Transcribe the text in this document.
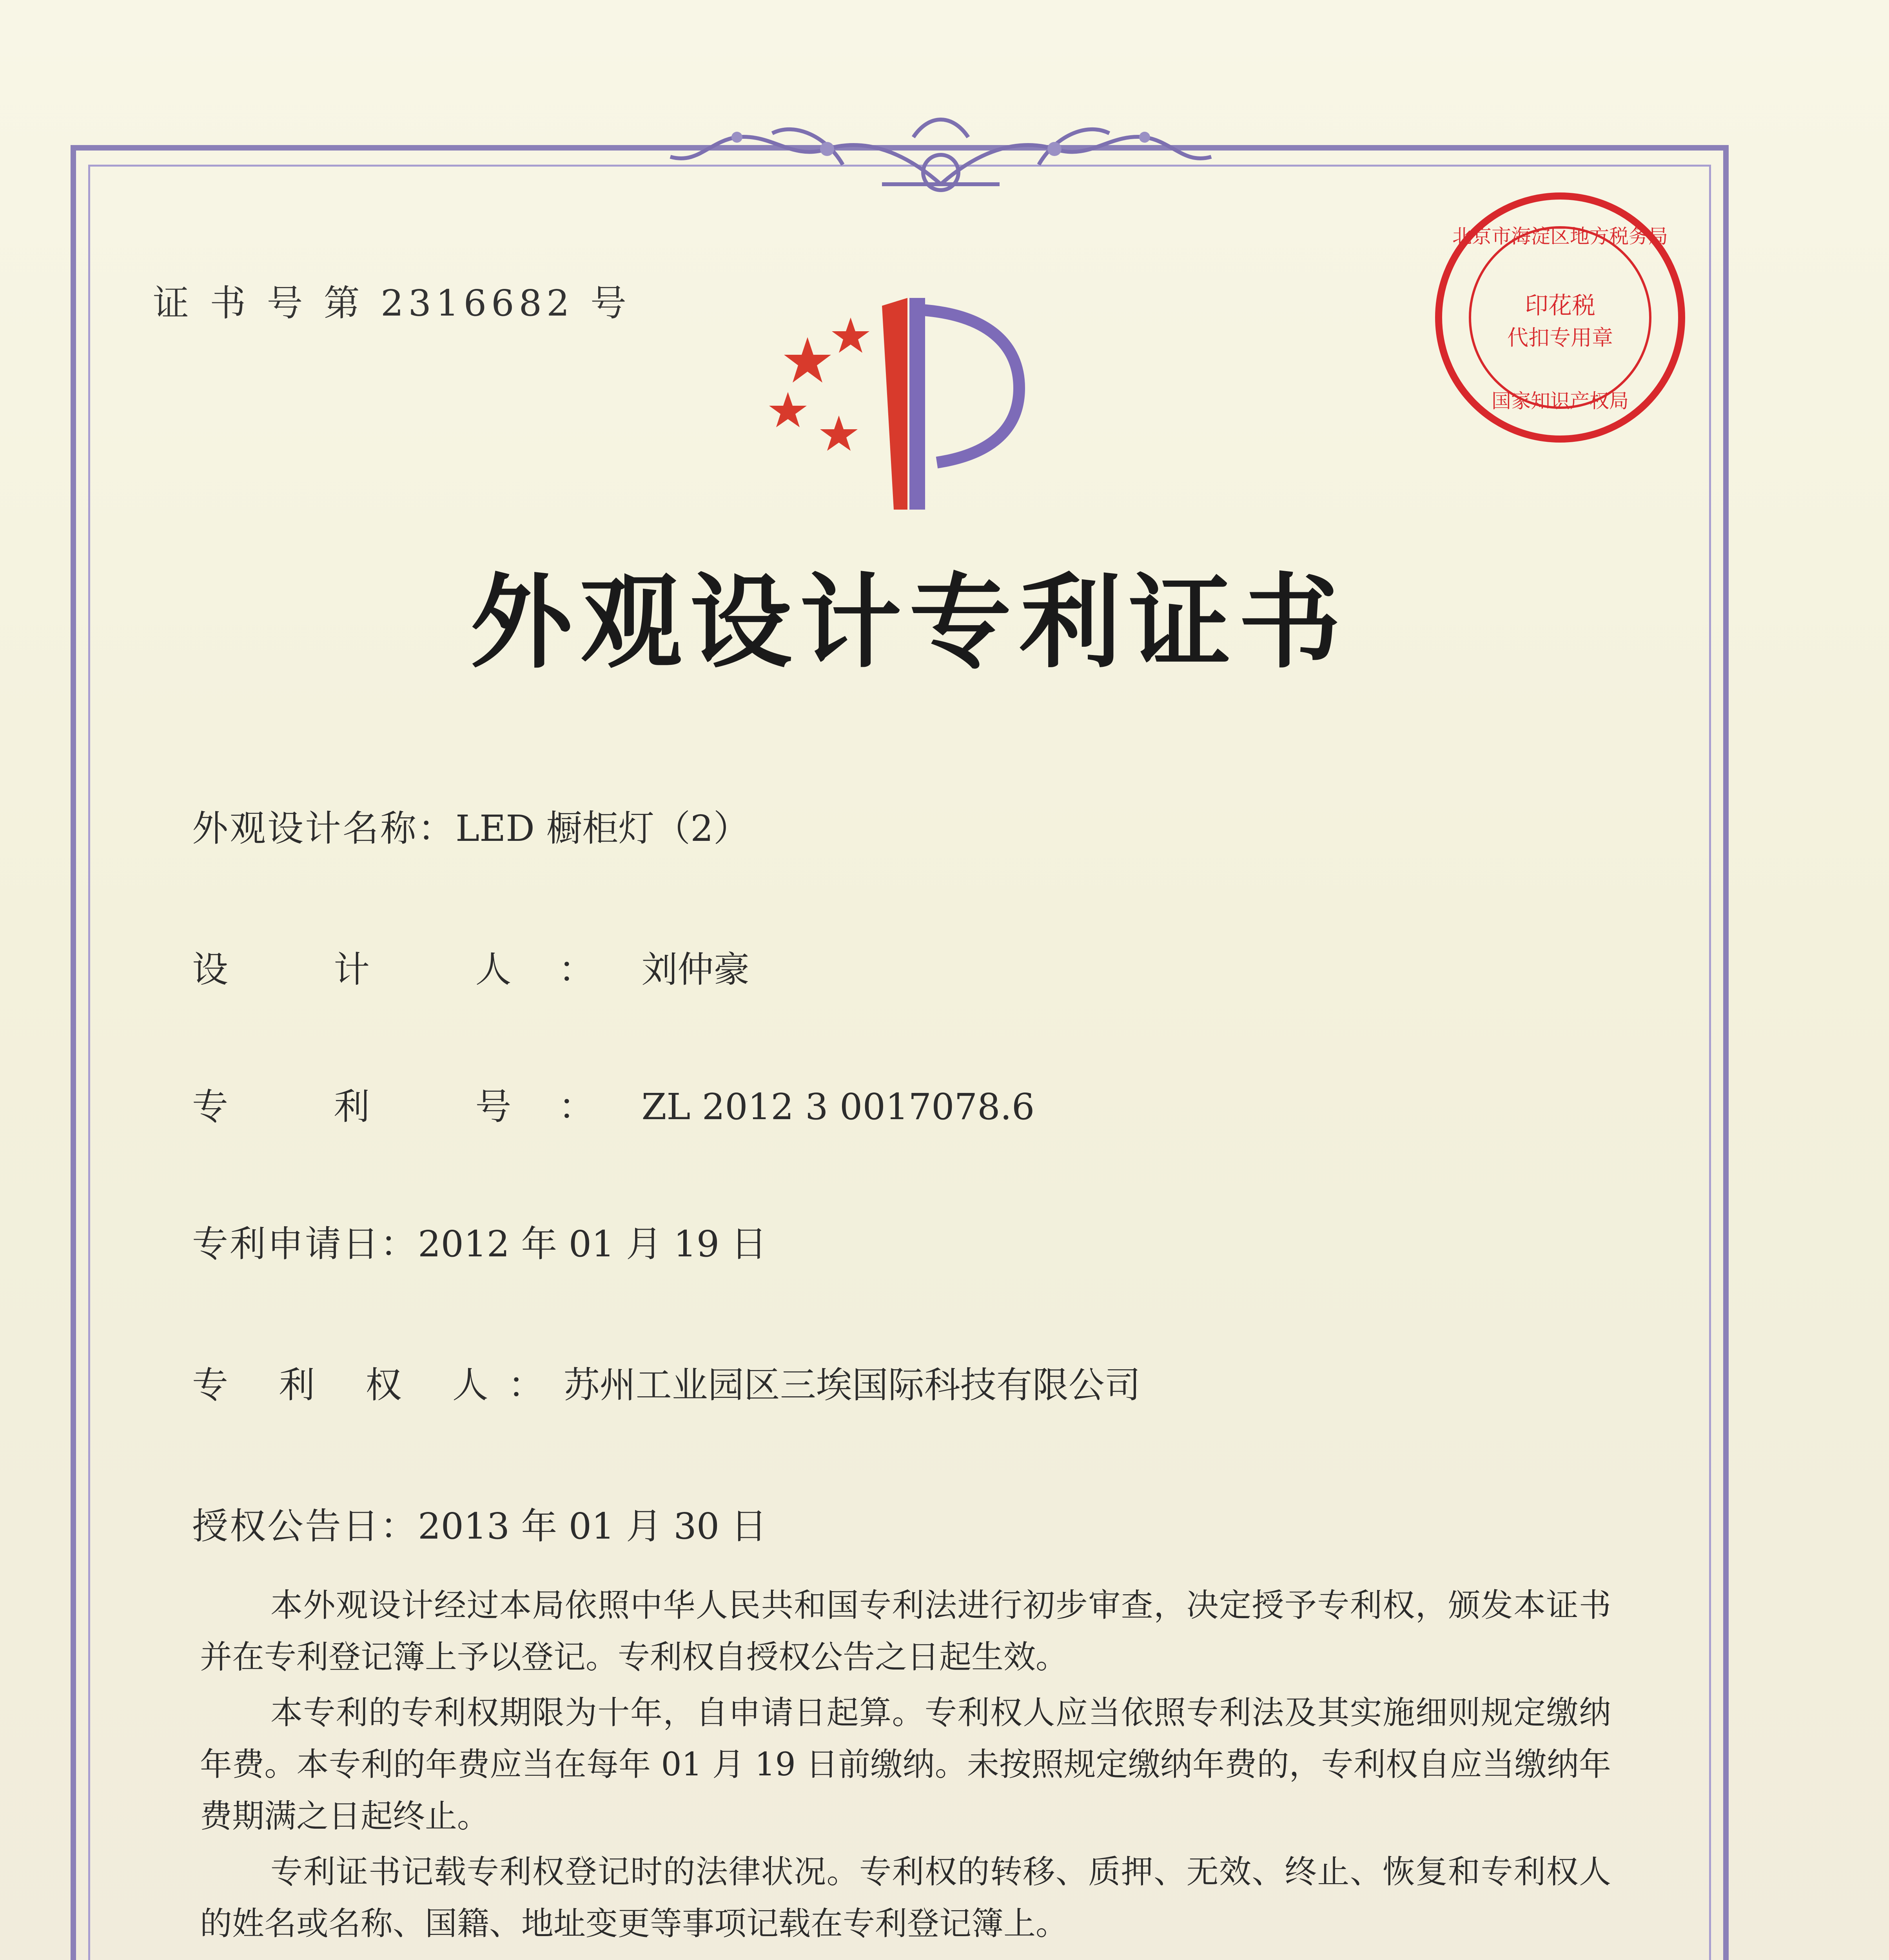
证 书 号 第 2316682 号	印花税
代扣专用章
北京市海淀区地方税务局
国家知识产权局
外观设计专利证书
外观设计名称：LED 橱柜灯（2）
设 计 人：刘仲豪
专 利 号：ZL 2012 3 0017078.6
专利申请日：2012 年 01 月 19 日
专 利 权 人：苏州工业园区三埃国际科技有限公司
授权公告日：2013 年 01 月 30 日

本外观设计经过本局依照中华人民共和国专利法进行初步审查，决定授予专利权，颁发本证书并在专利登记簿上予以登记。专利权自授权公告之日起生效。

本专利的专利权期限为十年，自申请日起算。专利权人应当依照专利法及其实施细则规定缴纳年费。本专利的年费应当在每年 01 月 19 日前缴纳。未按照规定缴纳年费的，专利权自应当缴纳年费期满之日起终止。

专利证书记载专利权登记时的法律状况。专利权的转移、质押、无效、终止、恢复和专利权人的姓名或名称、国籍、地址变更等事项记载在专利登记簿上。
